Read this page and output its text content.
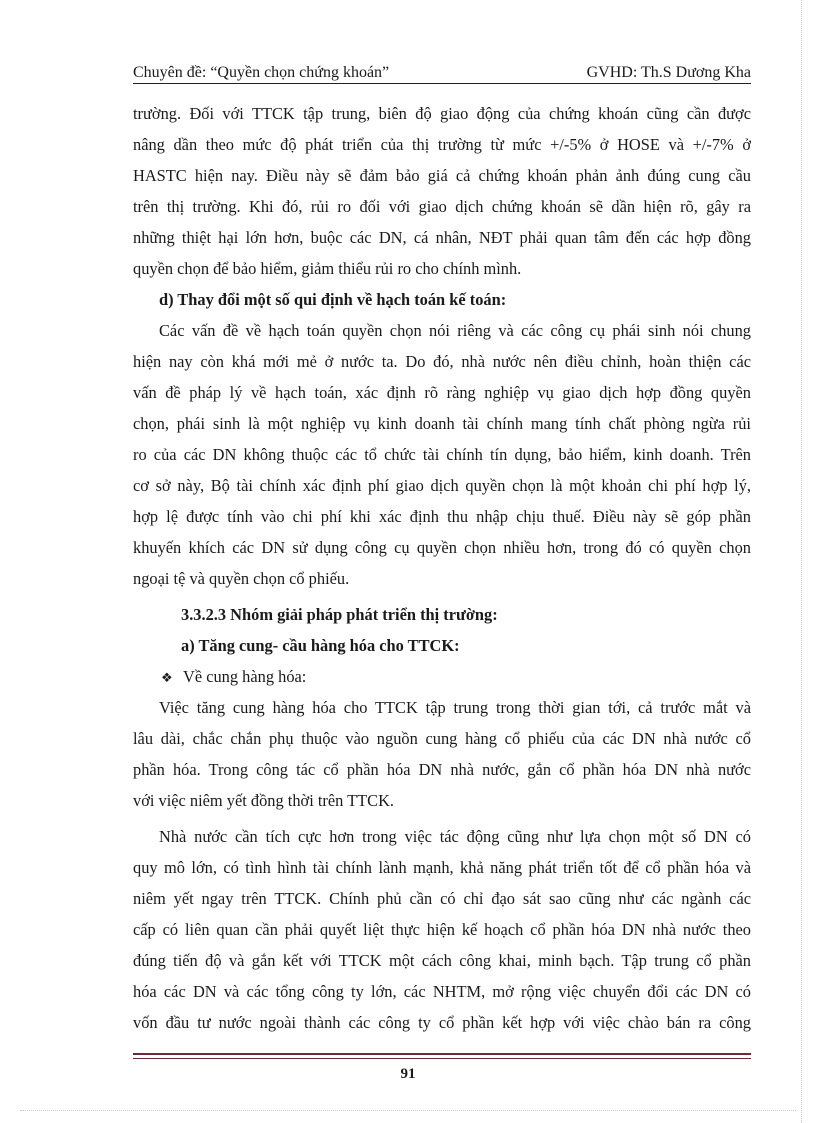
Chuyên đề: “Quyền chọn chứng khoán”	GVHD: Th.S Dương Kha
trường. Đối với TTCK tập trung, biên độ giao động của chứng khoán cũng cần được
nâng dần theo mức độ phát triển của thị trường từ mức +/-5% ở HOSE và +/-7% ở
HASTC hiện nay. Điều này sẽ đảm bảo giá cả chứng khoán phản ảnh đúng cung cầu
trên thị trường. Khi đó, rủi ro đối với giao dịch chứng khoán sẽ dần hiện rõ, gây ra
những thiệt hại lớn hơn, buộc các DN, cá nhân, NĐT phải quan tâm đến các hợp đồng
quyền chọn để bảo hiểm, giảm thiểu rủi ro cho chính mình.
d) Thay đổi một số qui định về hạch toán kế toán:
Các vấn đề về hạch toán quyền chọn nói riêng và các công cụ phái sinh nói chung
hiện nay còn khá mới mẻ ở nước ta. Do đó, nhà nước nên điều chỉnh, hoàn thiện các
vấn đề pháp lý về hạch toán, xác định rõ ràng nghiệp vụ giao dịch hợp đồng quyền
chọn, phái sinh là một nghiệp vụ kinh doanh tài chính mang tính chất phòng ngừa rủi
ro của các DN không thuộc các tổ chức tài chính tín dụng, bảo hiểm, kinh doanh. Trên
cơ sở này, Bộ tài chính xác định phí giao dịch quyền chọn là một khoản chi phí hợp lý,
hợp lệ được tính vào chi phí khi xác định thu nhập chịu thuế. Điều này sẽ góp phần
khuyến khích các DN sử dụng công cụ quyền chọn nhiều hơn, trong đó có quyền chọn
ngoại tệ và quyền chọn cổ phiếu.
3.3.2.3 Nhóm giải pháp phát triển thị trường:
a) Tăng cung- cầu hàng hóa cho TTCK:
❖ Về cung hàng hóa:
Việc tăng cung hàng hóa cho TTCK tập trung trong thời gian tới, cả trước mắt và
lâu dài, chắc chắn phụ thuộc vào nguồn cung hàng cổ phiếu của các DN nhà nước cổ
phần hóa. Trong công tác cổ phần hóa DN nhà nước, gắn cổ phần hóa DN nhà nước
với việc niêm yết đồng thời trên TTCK.
Nhà nước cần tích cực hơn trong việc tác động cũng như lựa chọn một số DN có
quy mô lớn, có tình hình tài chính lành mạnh, khả năng phát triển tốt để cổ phần hóa và
niêm yết ngay trên TTCK. Chính phủ cần có chỉ đạo sát sao cũng như các ngành các
cấp có liên quan cần phải quyết liệt thực hiện kế hoạch cổ phần hóa DN nhà nước theo
đúng tiến độ và gắn kết với TTCK một cách công khai, minh bạch. Tập trung cổ phần
hóa các DN và các tổng công ty lớn, các NHTM, mở rộng việc chuyển đổi các DN có
vốn đầu tư nước ngoài thành các công ty cổ phần kết hợp với việc chào bán ra công
91
